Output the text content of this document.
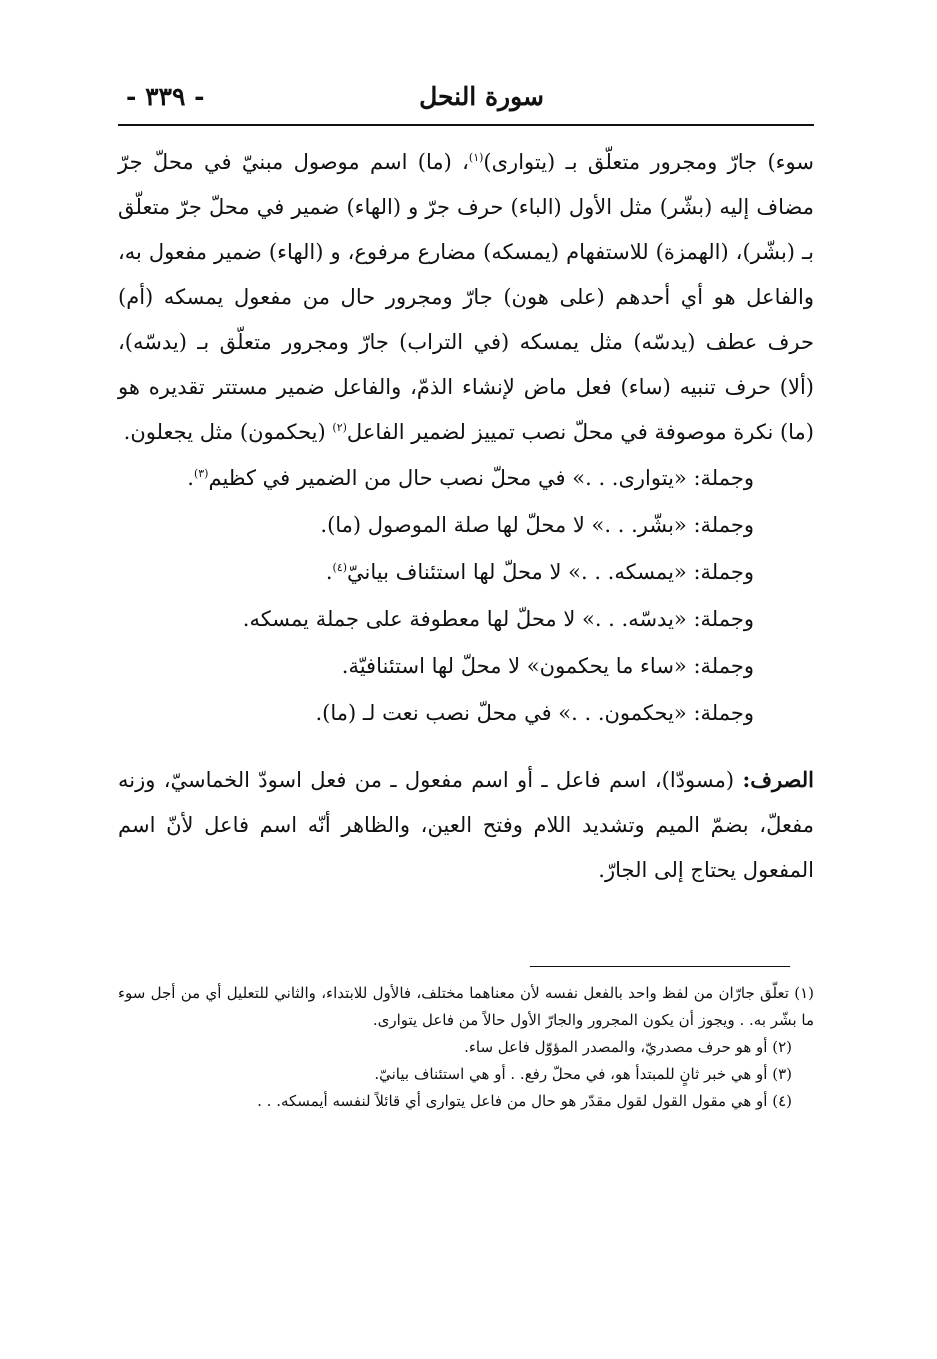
سورة النحل
- ٣٣٩ -

سوء) جارّ ومجرور متعلّق بـ (يتوارى)$^{(١)}$، (ما) اسم موصول مبنيّ في محلّ جرّ مضاف إليه (بشّر) مثل الأول (الباء) حرف جرّ و (الهاء) ضمير في محلّ جرّ متعلّق بـ (بشّر)، (الهمزة) للاستفهام (يمسكه) مضارع مرفوع، و (الهاء) ضمير مفعول به، والفاعل هو أي أحدهم (على هون) جارّ ومجرور حال من مفعول يمسكه (أم) حرف عطف (يدسّه) مثل يمسكه (في التراب) جارّ ومجرور متعلّق بـ (يدسّه)، (ألا) حرف تنبيه (ساء) فعل ماض لإنشاء الذمّ، والفاعل ضمير مستتر تقديره هو (ما) نكرة موصوفة في محلّ نصب تمييز لضمير الفاعل$^{(٢)}$ (يحكمون) مثل يجعلون.

وجملة: «يتوارى. . .» في محلّ نصب حال من الضمير في كظيم$^{(٣)}$.

وجملة: «بشّر. . .» لا محلّ لها صلة الموصول (ما).

وجملة: «يمسكه. . .» لا محلّ لها استئناف بيانيّ$^{(٤)}$.

وجملة: «يدسّه. . .» لا محلّ لها معطوفة على جملة يمسكه.

وجملة: «ساء ما يحكمون» لا محلّ لها استئنافيّة.

وجملة: «يحكمون. . .» في محلّ نصب نعت لـ (ما).

الصرف: (مسودّا)، اسم فاعل ـ أو اسم مفعول ـ من فعل اسودّ الخماسيّ، وزنه مفعلّ، بضمّ الميم وتشديد اللام وفتح العين، والظاهر أنّه اسم فاعل لأنّ اسم المفعول يحتاج إلى الجارّ.

(١) تعلّق جارّان من لفظ واحد بالفعل نفسه لأن معناهما مختلف، فالأول للابتداء، والثاني للتعليل أي من أجل سوء ما بشّر به. . ويجوز أن يكون المجرور والجارّ الأول حالاً من فاعل يتوارى.

(٢) أو هو حرف مصدريّ، والمصدر المؤوّل فاعل ساء.

(٣) أو هي خبر ثانٍ للمبتدأ هو، في محلّ رفع. . أو هي استئناف بيانيّ.

(٤) أو هي مقول القول لقول مقدّر هو حال من فاعل يتوارى أي قائلاً لنفسه أيمسكه. . .
